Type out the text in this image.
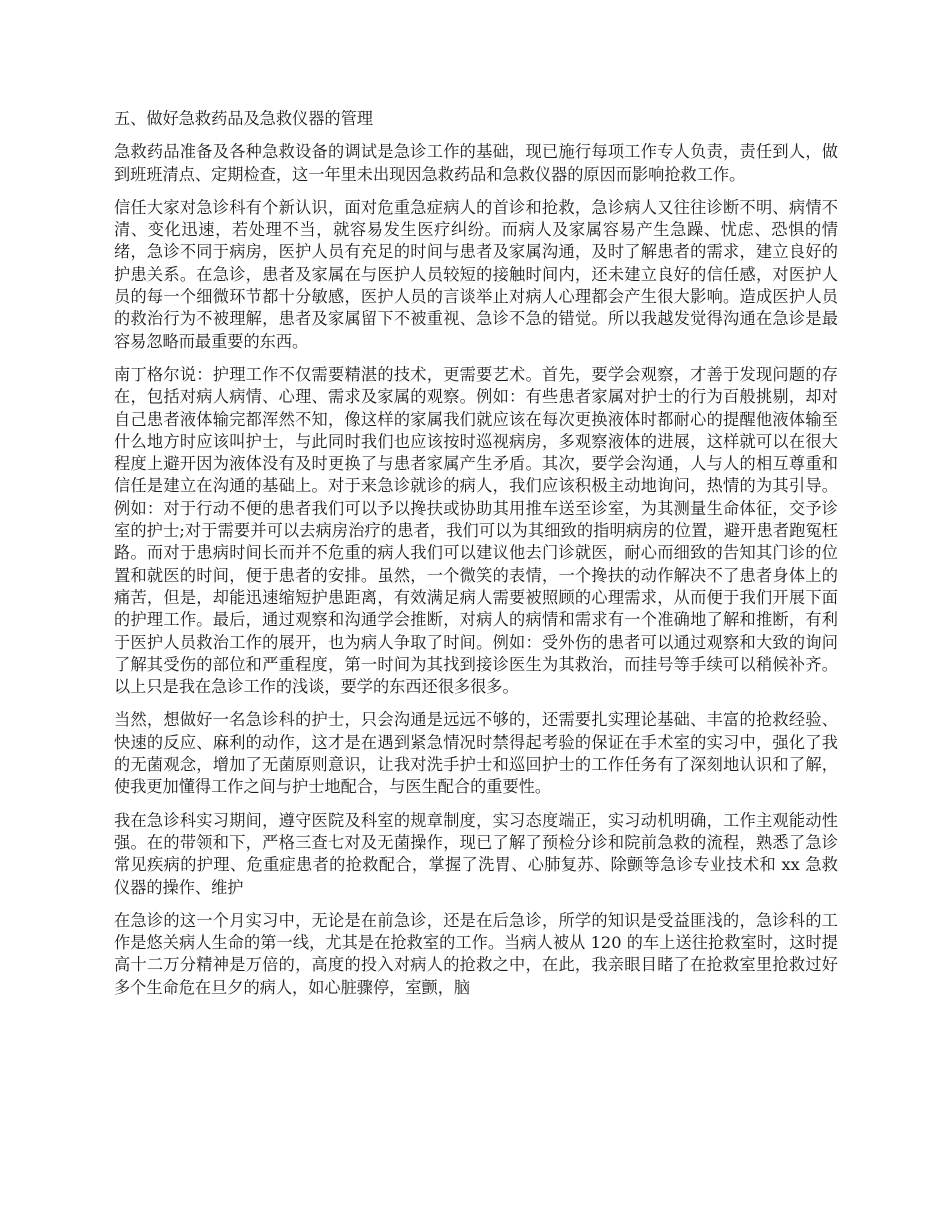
五、做好急救药品及急救仪器的管理

急救药品准备及各种急救设备的调试是急诊工作的基础，现已施行每项工作专人负责，责任到人，做到班班清点、定期检查，这一年里未出现因急救药品和急救仪器的原因而影响抢救工作。

信任大家对急诊科有个新认识，面对危重急症病人的首诊和抢救，急诊病人又往往诊断不明、病情不清、变化迅速，若处理不当，就容易发生医疗纠纷。而病人及家属容易产生急躁、忧虑、恐惧的情绪，急诊不同于病房，医护人员有充足的时间与患者及家属沟通，及时了解患者的需求，建立良好的护患关系。在急诊，患者及家属在与医护人员较短的接触时间内，还未建立良好的信任感，对医护人员的每一个细微环节都十分敏感，医护人员的言谈举止对病人心理都会产生很大影响。造成医护人员的救治行为不被理解，患者及家属留下不被重视、急诊不急的错觉。所以我越发觉得沟通在急诊是最容易忽略而最重要的东西。

南丁格尔说：护理工作不仅需要精湛的技术，更需要艺术。首先，要学会观察，才善于发现问题的存在，包括对病人病情、心理、需求及家属的观察。例如：有些患者家属对护士的行为百般挑剔，却对自己患者液体输完都浑然不知，像这样的家属我们就应该在每次更换液体时都耐心的提醒他液体输至什么地方时应该叫护士，与此同时我们也应该按时巡视病房，多观察液体的进展，这样就可以在很大程度上避开因为液体没有及时更换了与患者家属产生矛盾。其次，要学会沟通，人与人的相互尊重和信任是建立在沟通的基础上。对于来急诊就诊的病人，我们应该积极主动地询问，热情的为其引导。例如：对于行动不便的患者我们可以予以搀扶或协助其用推车送至诊室，为其测量生命体征，交予诊室的护士;对于需要并可以去病房治疗的患者，我们可以为其细致的指明病房的位置，避开患者跑冤枉路。而对于患病时间长而并不危重的病人我们可以建议他去门诊就医，耐心而细致的告知其门诊的位置和就医的时间，便于患者的安排。虽然，一个微笑的表情，一个搀扶的动作解决不了患者身体上的痛苦，但是，却能迅速缩短护患距离，有效满足病人需要被照顾的心理需求，从而便于我们开展下面的护理工作。最后，通过观察和沟通学会推断，对病人的病情和需求有一个准确地了解和推断，有利于医护人员救治工作的展开，也为病人争取了时间。例如：受外伤的患者可以通过观察和大致的询问了解其受伤的部位和严重程度，第一时间为其找到接诊医生为其救治，而挂号等手续可以稍候补齐。以上只是我在急诊工作的浅谈，要学的东西还很多很多。

当然，想做好一名急诊科的护士，只会沟通是远远不够的，还需要扎实理论基础、丰富的抢救经验、快速的反应、麻利的动作，这才是在遇到紧急情况时禁得起考验的保证在手术室的实习中，强化了我的无菌观念，增加了无菌原则意识，让我对洗手护士和巡回护士的工作任务有了深刻地认识和了解，使我更加懂得工作之间与护士地配合，与医生配合的重要性。

我在急诊科实习期间，遵守医院及科室的规章制度，实习态度端正，实习动机明确，工作主观能动性强。在的带领和下，严格三查七对及无菌操作，现已了解了预检分诊和院前急救的流程，熟悉了急诊常见疾病的护理、危重症患者的抢救配合，掌握了洗胃、心肺复苏、除颤等急诊专业技术和 xx 急救仪器的操作、维护

在急诊的这一个月实习中，无论是在前急诊，还是在后急诊，所学的知识是受益匪浅的，急诊科的工作是悠关病人生命的第一线，尤其是在抢救室的工作。当病人被从 120 的车上送往抢救室时，这时提高十二万分精神是万倍的，高度的投入对病人的抢救之中，在此，我亲眼目睹了在抢救室里抢救过好多个生命危在旦夕的病人，如心脏骤停，室颤，脑
